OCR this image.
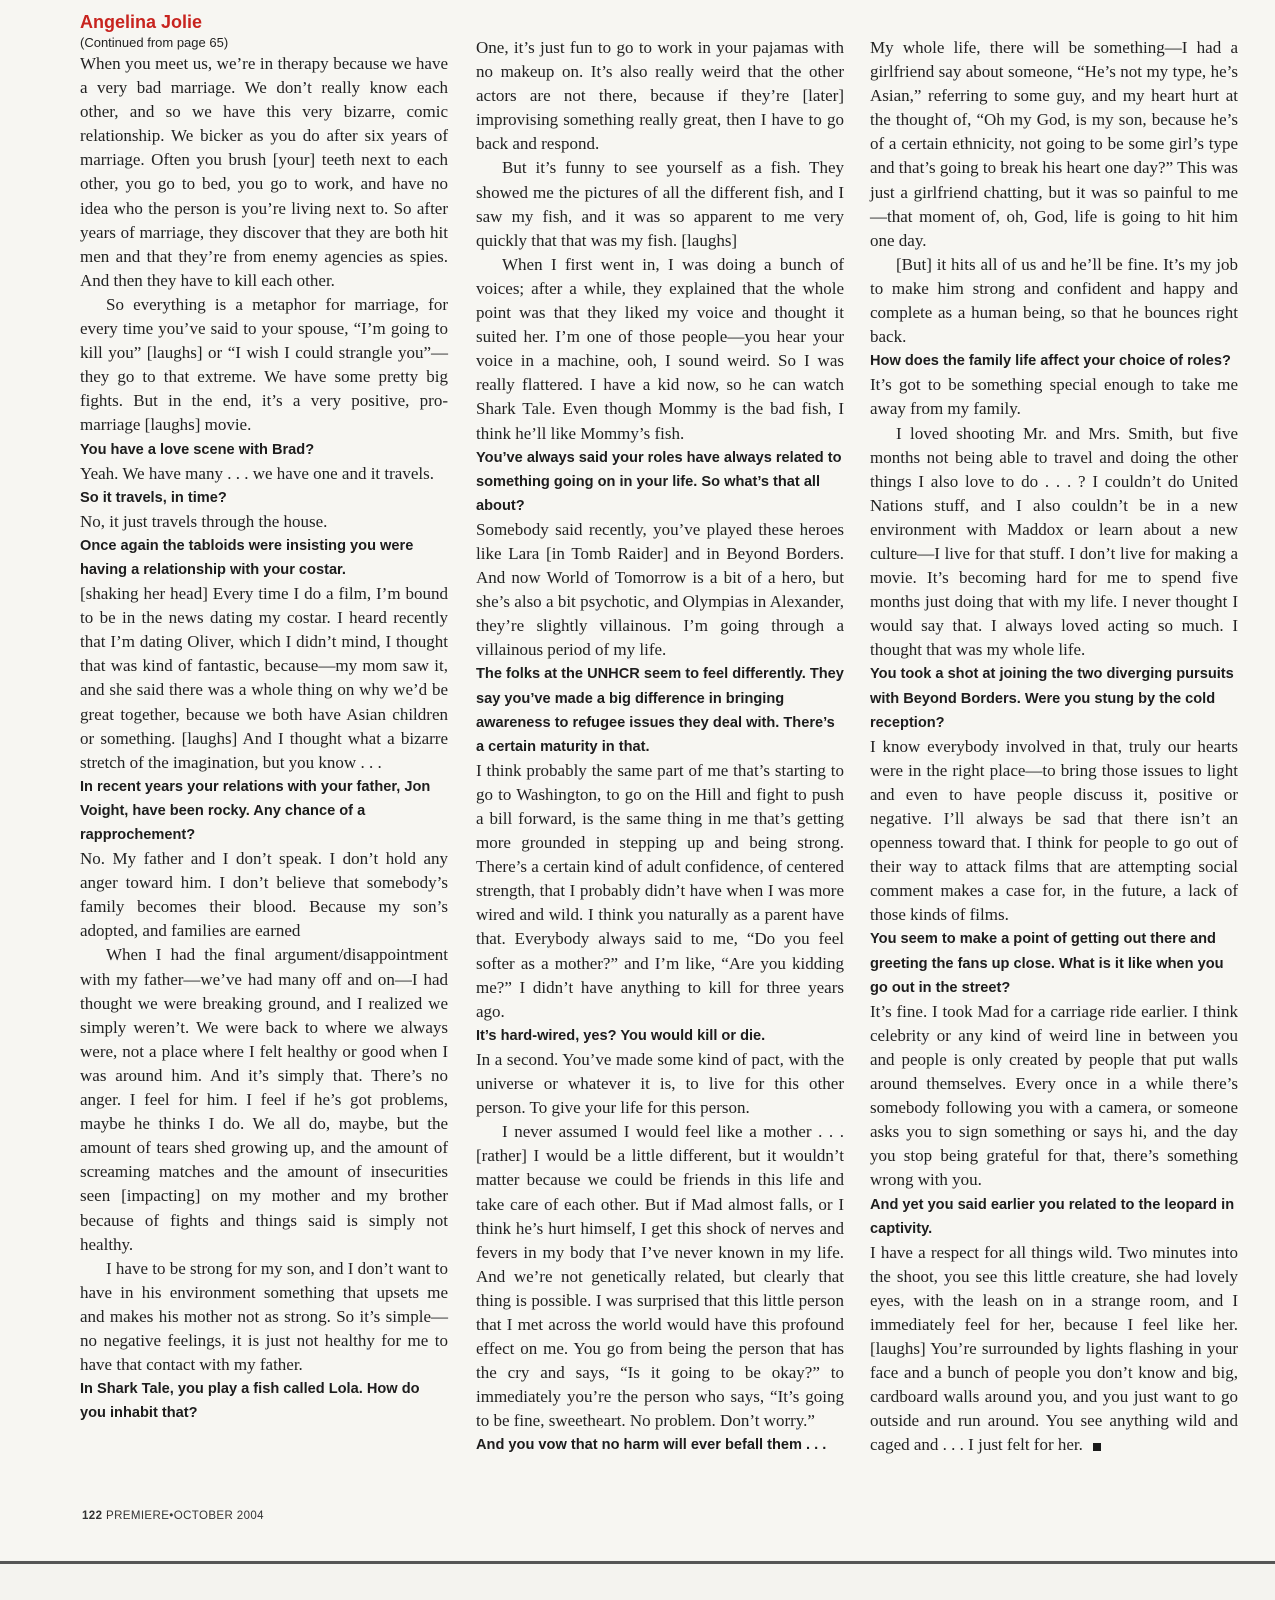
Angelina Jolie
(Continued from page 65)

When you meet us, we’re in therapy because we have a very bad marriage. We don’t really know each other, and so we have this very bizarre, comic relationship. We bicker as you do after six years of marriage. Often you brush [your] teeth next to each other, you go to bed, you go to work, and have no idea who the person is you’re living next to. So after years of marriage, they discover that they are both hit men and that they’re from enemy agencies as spies. And then they have to kill each other.

So everything is a metaphor for marriage, for every time you’ve said to your spouse, “I’m going to kill you” [laughs] or “I wish I could strangle you”—they go to that extreme. We have some pretty big fights. But in the end, it’s a very positive, pro-marriage [laughs] movie.

You have a love scene with Brad?

Yeah. We have many . . . we have one and it travels.

So it travels, in time?

No, it just travels through the house.

Once again the tabloids were insisting you were having a relationship with your costar.

[shaking her head] Every time I do a film, I’m bound to be in the news dating my costar. I heard recently that I’m dating Oliver, which I didn’t mind, I thought that was kind of fantastic, because—my mom saw it, and she said there was a whole thing on why we’d be great together, because we both have Asian children or something. [laughs] And I thought what a bizarre stretch of the imagination, but you know . . .

In recent years your relations with your father, Jon Voight, have been rocky. Any chance of a rapprochement?

No. My father and I don’t speak. I don’t hold any anger toward him. I don’t believe that somebody’s family becomes their blood. Because my son’s adopted, and families are earned

When I had the final argument/disappointment with my father—we’ve had many off and on—I had thought we were breaking ground, and I realized we simply weren’t. We were back to where we always were, not a place where I felt healthy or good when I was around him. And it’s simply that. There’s no anger. I feel for him. I feel if he’s got problems, maybe he thinks I do. We all do, maybe, but the amount of tears shed growing up, and the amount of screaming matches and the amount of insecurities seen [impacting] on my mother and my brother because of fights and things said is simply not healthy.

I have to be strong for my son, and I don’t want to have in his environment something that upsets me and makes his mother not as strong. So it’s simple—no negative feelings, it is just not healthy for me to have that contact with my father.

In Shark Tale, you play a fish called Lola. How do you inhabit that?

One, it’s just fun to go to work in your pajamas with no makeup on. It’s also really weird that the other actors are not there, because if they’re [later] improvising something really great, then I have to go back and respond.

But it’s funny to see yourself as a fish. They showed me the pictures of all the different fish, and I saw my fish, and it was so apparent to me very quickly that that was my fish. [laughs]

When I first went in, I was doing a bunch of voices; after a while, they explained that the whole point was that they liked my voice and thought it suited her. I’m one of those people—you hear your voice in a machine, ooh, I sound weird. So I was really flattered. I have a kid now, so he can watch Shark Tale. Even though Mommy is the bad fish, I think he’ll like Mommy’s fish.

You’ve always said your roles have always related to something going on in your life. So what’s that all about?

Somebody said recently, you’ve played these heroes like Lara [in Tomb Raider] and in Beyond Borders. And now World of Tomorrow is a bit of a hero, but she’s also a bit psychotic, and Olympias in Alexander, they’re slightly villainous. I’m going through a villainous period of my life.

The folks at the UNHCR seem to feel differently. They say you’ve made a big difference in bringing awareness to refugee issues they deal with. There’s a certain maturity in that.

I think probably the same part of me that’s starting to go to Washington, to go on the Hill and fight to push a bill forward, is the same thing in me that’s getting more grounded in stepping up and being strong. There’s a certain kind of adult confidence, of centered strength, that I probably didn’t have when I was more wired and wild. I think you naturally as a parent have that. Everybody always said to me, “Do you feel softer as a mother?” and I’m like, “Are you kidding me?” I didn’t have anything to kill for three years ago.

It’s hard-wired, yes? You would kill or die.

In a second. You’ve made some kind of pact, with the universe or whatever it is, to live for this other person. To give your life for this person.

I never assumed I would feel like a mother . . . [rather] I would be a little different, but it wouldn’t matter because we could be friends in this life and take care of each other. But if Mad almost falls, or I think he’s hurt himself, I get this shock of nerves and fevers in my body that I’ve never known in my life. And we’re not genetically related, but clearly that thing is possible. I was surprised that this little person that I met across the world would have this profound effect on me. You go from being the person that has the cry and says, “Is it going to be okay?” to immediately you’re the person who says, “It’s going to be fine, sweetheart. No problem. Don’t worry.”

And you vow that no harm will ever befall them . . .

My whole life, there will be something—I had a girlfriend say about someone, “He’s not my type, he’s Asian,” referring to some guy, and my heart hurt at the thought of, “Oh my God, is my son, because he’s of a certain ethnicity, not going to be some girl’s type and that’s going to break his heart one day?” This was just a girlfriend chatting, but it was so painful to me—that moment of, oh, God, life is going to hit him one day.

[But] it hits all of us and he’ll be fine. It’s my job to make him strong and confident and happy and complete as a human being, so that he bounces right back.

How does the family life affect your choice of roles?

It’s got to be something special enough to take me away from my family.

I loved shooting Mr. and Mrs. Smith, but five months not being able to travel and doing the other things I also love to do . . . ? I couldn’t do United Nations stuff, and I also couldn’t be in a new environment with Maddox or learn about a new culture—I live for that stuff. I don’t live for making a movie. It’s becoming hard for me to spend five months just doing that with my life. I never thought I would say that. I always loved acting so much. I thought that was my whole life.

You took a shot at joining the two diverging pursuits with Beyond Borders. Were you stung by the cold reception?

I know everybody involved in that, truly our hearts were in the right place—to bring those issues to light and even to have people discuss it, positive or negative. I’ll always be sad that there isn’t an openness toward that. I think for people to go out of their way to attack films that are attempting social comment makes a case for, in the future, a lack of those kinds of films.

You seem to make a point of getting out there and greeting the fans up close. What is it like when you go out in the street?

It’s fine. I took Mad for a carriage ride earlier. I think celebrity or any kind of weird line in between you and people is only created by people that put walls around themselves. Every once in a while there’s somebody following you with a camera, or someone asks you to sign something or says hi, and the day you stop being grateful for that, there’s something wrong with you.

And yet you said earlier you related to the leopard in captivity.

I have a respect for all things wild. Two minutes into the shoot, you see this little creature, she had lovely eyes, with the leash on in a strange room, and I immediately feel for her, because I feel like her. [laughs] You’re surrounded by lights flashing in your face and a bunch of people you don’t know and big, cardboard walls around you, and you just want to go outside and run around. You see anything wild and caged and . . . I just felt for her.

122 PREMIERE•OCTOBER 2004
